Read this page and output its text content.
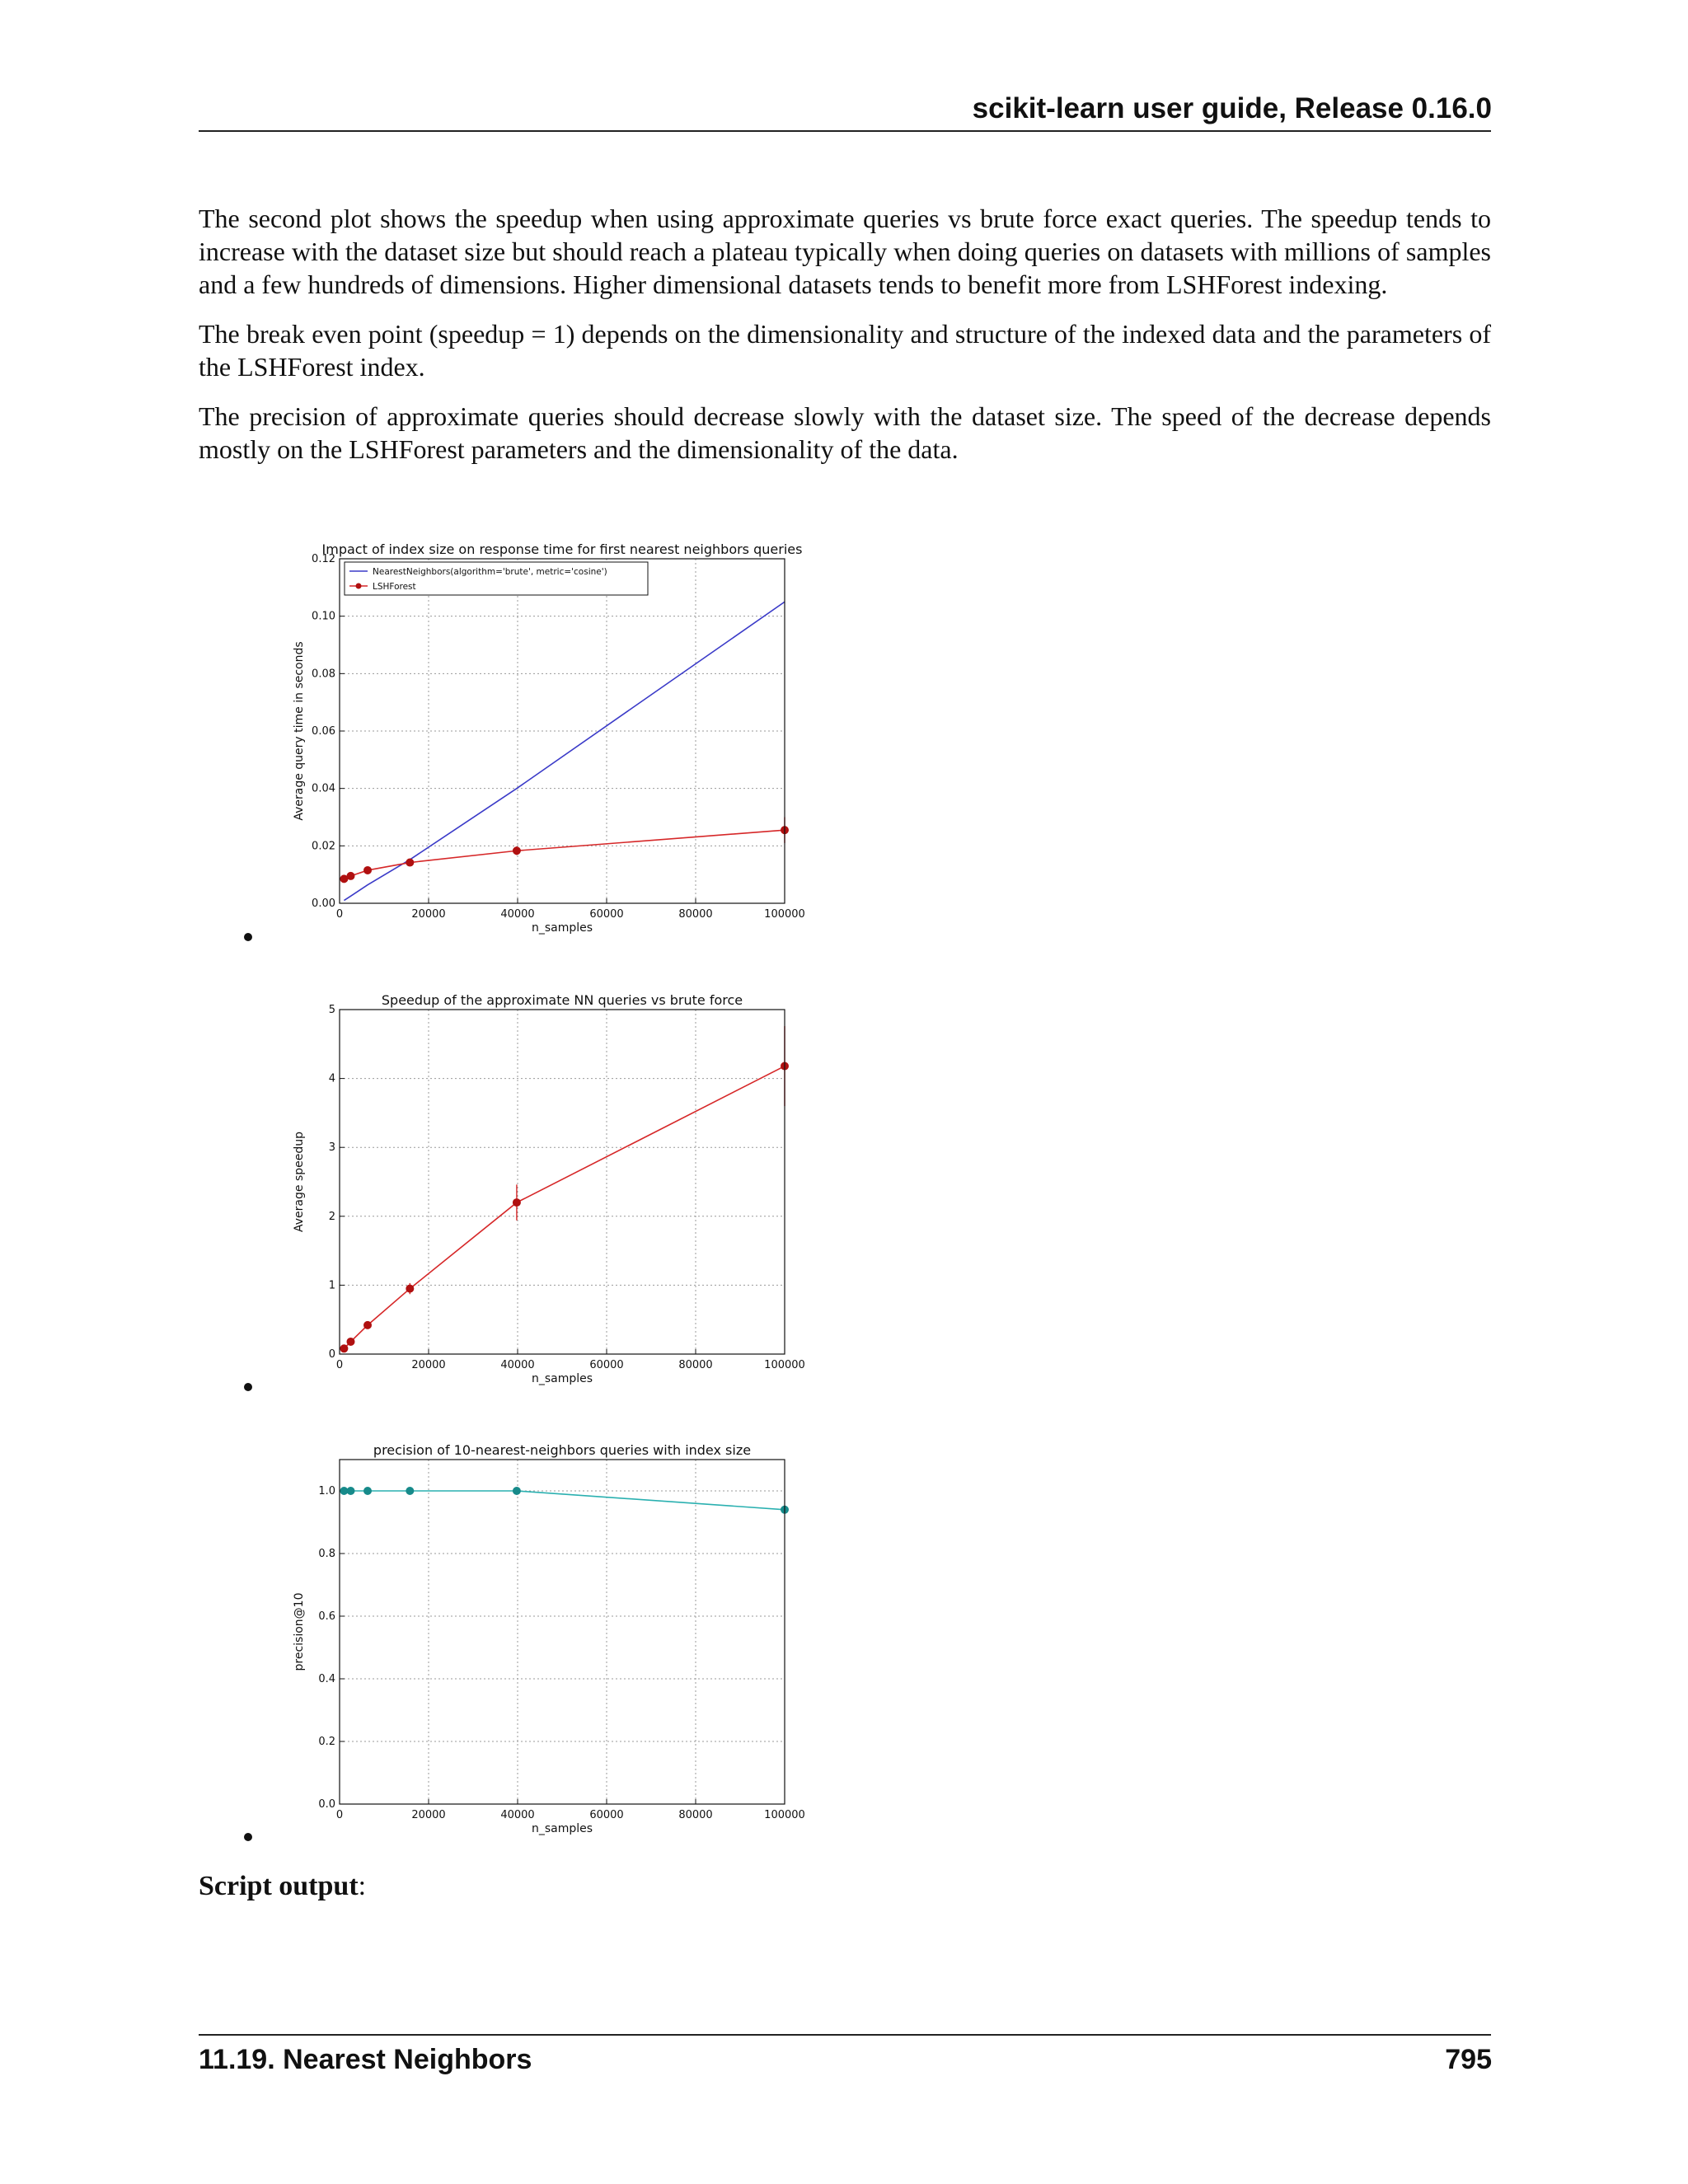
scikit-learn user guide, Release 0.16.0

The second plot shows the speedup when using approximate queries vs brute force exact queries. The speedup tends to increase with the dataset size but should reach a plateau typically when doing queries on datasets with millions of samples and a few hundreds of dimensions. Higher dimensional datasets tends to benefit more from LSHForest indexing.

The break even point (speedup = 1) depends on the dimensionality and structure of the indexed data and the parameters of the LSHForest index.

The precision of approximate queries should decrease slowly with the dataset size. The speed of the decrease depends mostly on the LSHForest parameters and the dimensionality of the data.

Impact of index size on response time for first nearest neighbors queries
0	20000	40000	60000	80000	100000
0.00
0.02
0.04
0.06
0.08
0.10
0.12
n_samples
Average query time in seconds
NearestNeighbors(algorithm='brute', metric='cosine')
LSHForest
Speedup of the approximate NN queries vs brute force
0	20000	40000	60000	80000	100000
0
1
2
3
4
5
n_samples
Average speedup
precision of 10-nearest-neighbors queries with index size
0	20000	40000	60000	80000	100000
0.0
0.2
0.4
0.6
0.8
1.0
n_samples
precision@10
Script output:
11.19. Nearest Neighbors	795
